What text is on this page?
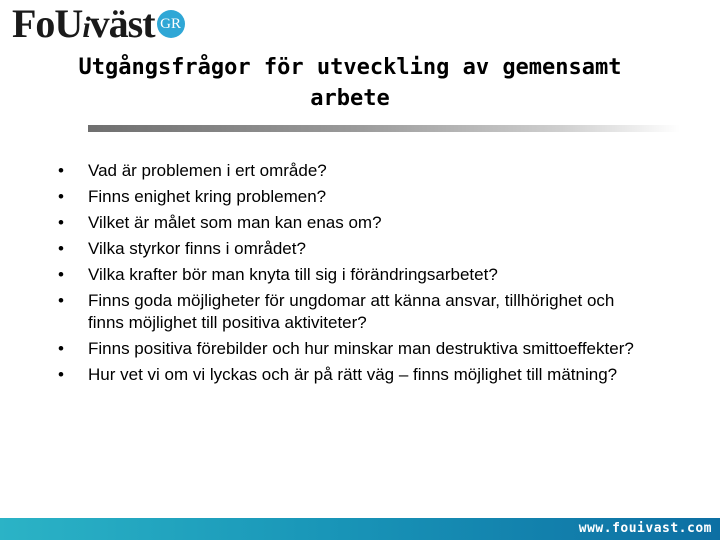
FoUiväst GR
Utgångsfrågor för utveckling av gemensamt arbete
•	Vad är problemen i ert område?
•	Finns enighet kring problemen?
•	Vilket är målet som man kan enas om?
•	Vilka styrkor finns i området?
•	Vilka krafter bör man knyta till sig i förändringsarbetet?
•	Finns goda möjligheter för ungdomar att känna ansvar, tillhörighet och finns möjlighet till positiva aktiviteter?
•	Finns positiva förebilder och hur minskar man destruktiva smittoeffekter?
•	Hur vet vi om vi lyckas och är på rätt väg – finns möjlighet till mätning?
www.fouivast.com
